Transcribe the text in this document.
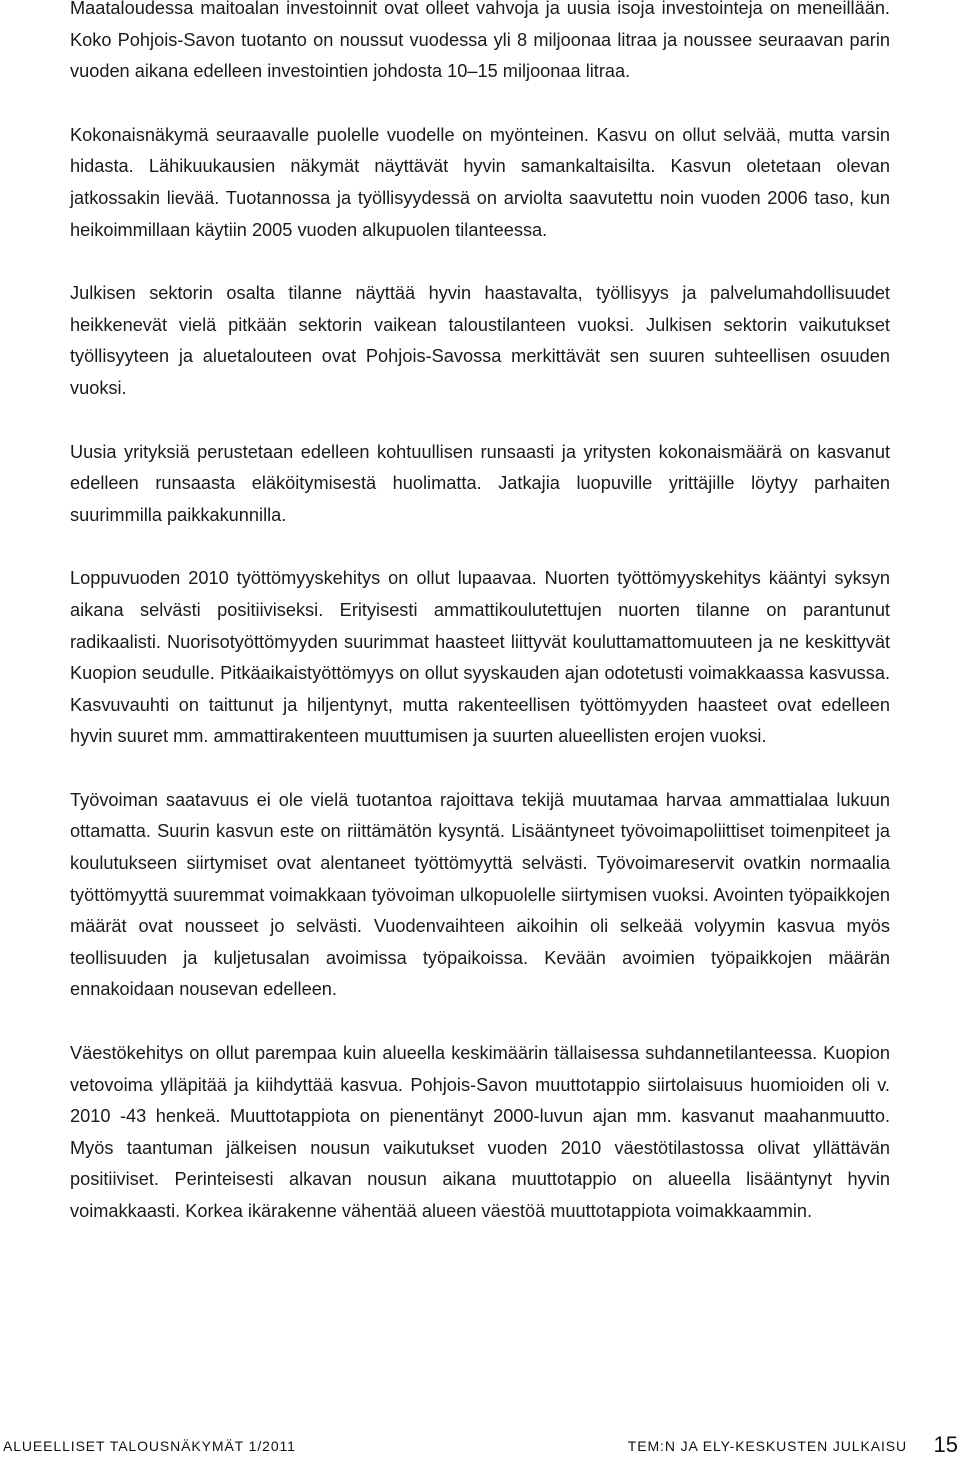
Maataloudessa maitoalan investoinnit ovat olleet vahvoja ja uusia isoja investointeja on meneillään. Koko Pohjois-Savon tuotanto on noussut vuodessa yli 8 miljoonaa litraa ja noussee seuraavan parin vuoden aikana edelleen investointien johdosta 10–15 miljoonaa litraa.

Kokonaisnäkymä seuraavalle puolelle vuodelle on myönteinen. Kasvu on ollut selvää, mutta varsin hidasta. Lähikuukausien näkymät näyttävät hyvin samankaltaisilta. Kasvun oletetaan olevan jatkossakin lievää. Tuotannossa ja työllisyydessä on arviolta saavutettu noin vuoden 2006 taso, kun heikoimmillaan käytiin 2005 vuoden alkupuolen tilanteessa.

Julkisen sektorin osalta tilanne näyttää hyvin haastavalta, työllisyys ja palvelumahdollisuudet heikkenevät vielä pitkään sektorin vaikean taloustilanteen vuoksi. Julkisen sektorin vaikutukset työllisyyteen ja aluetalouteen ovat Pohjois-Savossa merkittävät sen suuren suhteellisen osuuden vuoksi.

Uusia yrityksiä perustetaan edelleen kohtuullisen runsaasti ja yritysten kokonaismäärä on kasvanut edelleen runsaasta eläköitymisestä huolimatta. Jatkajia luopuville yrittäjille löytyy parhaiten suurimmilla paikkakunnilla.

Loppuvuoden 2010 työttömyyskehitys on ollut lupaavaa. Nuorten työttömyyskehitys kääntyi syksyn aikana selvästi positiiviseksi. Erityisesti ammattikoulutettujen nuorten tilanne on parantunut radikaalisti. Nuorisotyöttömyyden suurimmat haasteet liittyvät kouluttamattomuuteen ja ne keskittyvät Kuopion seudulle. Pitkäaikaistyöttömyys on ollut syyskauden ajan odotetusti voimakkaassa kasvussa. Kasvuvauhti on taittunut ja hiljentynyt, mutta rakenteellisen työttömyyden haasteet ovat edelleen hyvin suuret mm. ammattirakenteen muuttumisen ja suurten alueellisten erojen vuoksi.

Työvoiman saatavuus ei ole vielä tuotantoa rajoittava tekijä muutamaa harvaa ammattialaa lukuun ottamatta. Suurin kasvun este on riittämätön kysyntä. Lisääntyneet työvoimapoliittiset toimenpiteet ja koulutukseen siirtymiset ovat alentaneet työttömyyttä selvästi. Työvoimareservit ovatkin normaalia työttömyyttä suuremmat voimakkaan työvoiman ulkopuolelle siirtymisen vuoksi. Avointen työpaikkojen määrät ovat nousseet jo selvästi. Vuodenvaihteen aikoihin oli selkeää volyymin kasvua myös teollisuuden ja kuljetusalan avoimissa työpaikoissa. Kevään avoimien työpaikkojen määrän ennakoidaan nousevan edelleen.

Väestökehitys on ollut parempaa kuin alueella keskimäärin tällaisessa suhdannetilanteessa. Kuopion vetovoima ylläpitää ja kiihdyttää kasvua. Pohjois-Savon muuttotappio siirtolaisuus huomioiden oli v. 2010 -43 henkeä. Muuttotappiota on pienentänyt 2000-luvun ajan mm. kasvanut maahanmuutto. Myös taantuman jälkeisen nousun vaikutukset vuoden 2010 väestötilastossa olivat yllättävän positiiviset. Perinteisesti alkavan nousun aikana muuttotappio on alueella lisääntynyt hyvin voimakkaasti. Korkea ikärakenne vähentää alueen väestöä muuttotappiota voimakkaammin.

ALUEELLISET TALOUSNÄKYMÄT 1/2011	TEM:N JA ELY-KESKUSTEN JULKAISU 15
